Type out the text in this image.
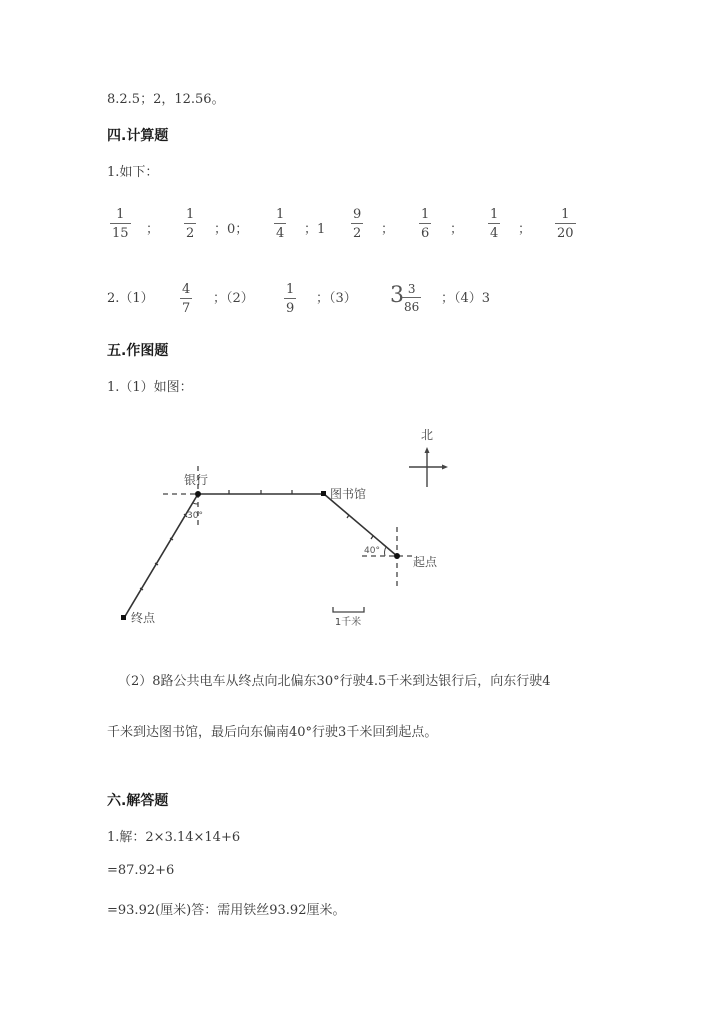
8.2.5；2，12.56。
四.计算题
1.如下：
1
15 ；
1
2 ；0；
1
4 ；1
9
2 ；
1
6 ；
1
4 ；
1
20
2.（1）
4
7
；（2）
1
9
；（3） 3 3
86
；（4）3
五.作图题
1.（1）如图：
北
银行
图书馆
起点
终点
30°
40°
1千米
（2）8路公共电车从终点向北偏东30°行驶4.5千米到达银行后，向东行驶4
千米到达图书馆，最后向东偏南40°行驶3千米回到起点。
六.解答题
1.解：2×3.14×14+6
=87.92+6
=93.92(厘米)答：需用铁丝93.92厘米。
